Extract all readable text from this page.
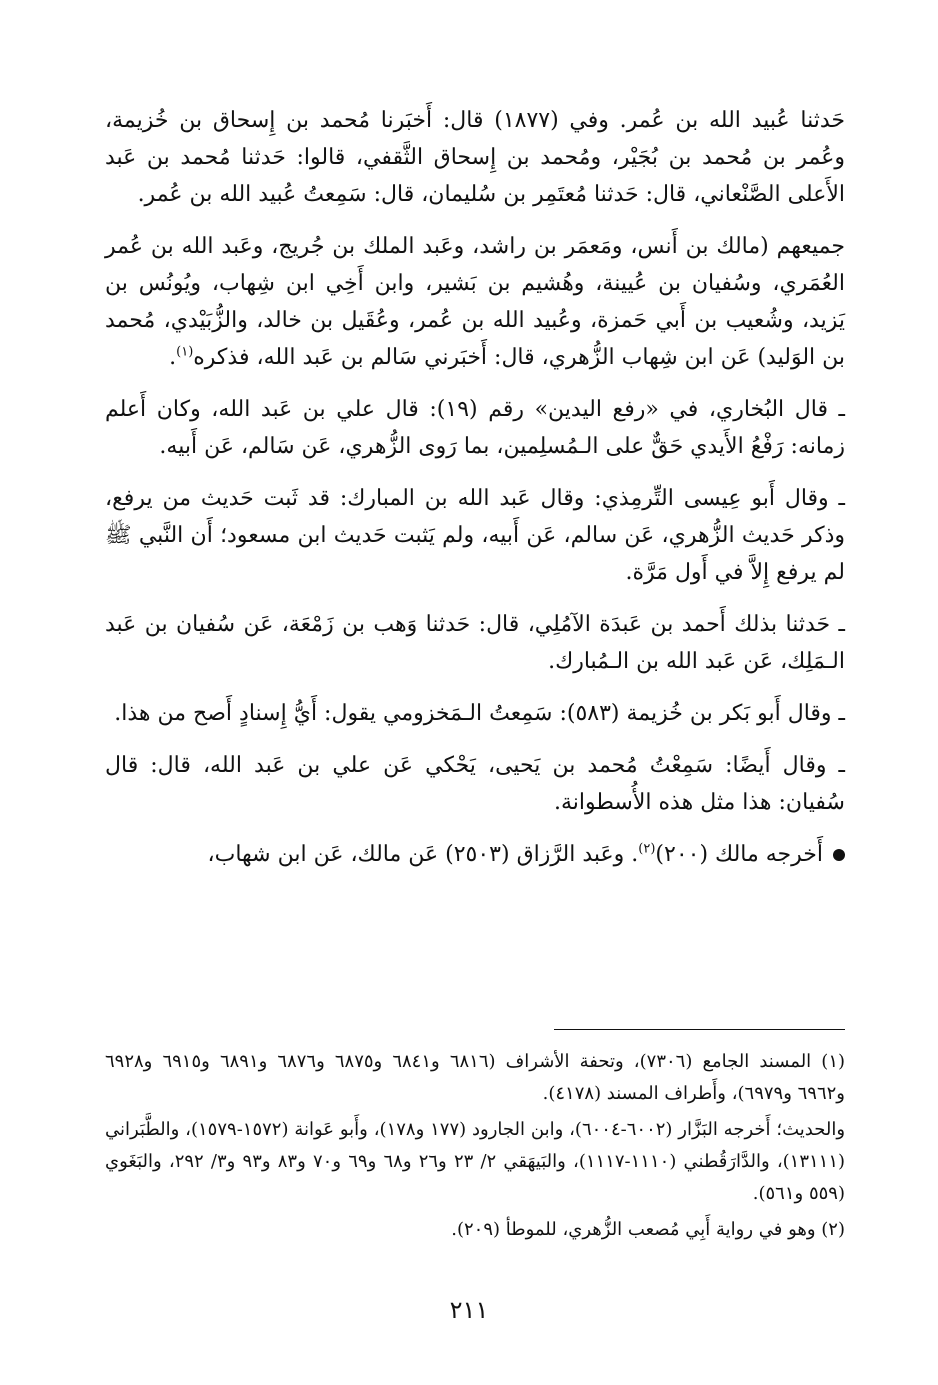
حَدثنا عُبيد الله بن عُمر. وفي (١٨٧٧) قال: أَخبَرنا مُحمد بن إِسحاق بن خُزيمة، وعُمر بن مُحمد بن بُجَيْر، ومُحمد بن إِسحاق الثَّقفي، قالوا: حَدثنا مُحمد بن عَبد الأَعلى الصَّنْعاني، قال: حَدثنا مُعتَمِر بن سُليمان، قال: سَمِعتُ عُبيد الله بن عُمر.

جميعهم (مالك بن أَنس، ومَعمَر بن راشد، وعَبد الملك بن جُريج، وعَبد الله بن عُمر العُمَري، وسُفيان بن عُيينة، وهُشيم بن بَشير، وابن أَخِي ابن شِهاب، ويُونُس بن يَزيد، وشُعيب بن أَبي حَمزة، وعُبيد الله بن عُمر، وعُقَيل بن خالد، والزُّبَيْدي، مُحمد بن الوَليد) عَن ابن شِهاب الزُّهري، قال: أَخبَرني سَالم بن عَبد الله، فذكره$^{(١)}$.

ـ قال البُخاري، في «رفع اليدين» رقم (١٩): قال علي بن عَبد الله، وكان أَعلم زمانه: رَفْعُ الأَيدي حَقٌّ على الـمُسلِمين، بما رَوى الزُّهري، عَن سَالم، عَن أَبيه.

ـ وقال أَبو عِيسى التِّرمِذي: وقال عَبد الله بن المبارك: قد ثَبت حَديث من يرفع، وذكر حَديث الزُّهري، عَن سالم، عَن أَبيه، ولم يَثبت حَديث ابن مسعود؛ أَن النَّبي ﷺ لم يرفع إِلاَّ في أَول مَرَّة.

ـ حَدثنا بذلك أَحمد بن عَبدَة الآمُلِي، قال: حَدثنا وَهب بن زَمْعَة، عَن سُفيان بن عَبد الـمَلِك، عَن عَبد الله بن الـمُبارك.

ـ وقال أَبو بَكر بن خُزيمة (٥٨٣): سَمِعتُ الـمَخزومي يقول: أَيُّ إِسنادٍ أَصح من هذا.

ـ وقال أَيضًا: سَمِعْتُ مُحمد بن يَحيى، يَحْكي عَن علي بن عَبد الله، قال: قال سُفيان: هذا مثل هذه الأُسطوانة.

أَخرجه مالك (٢٠٠)$^{(٢)}$. وعَبد الرَّزاق (٢٥٠٣) عَن مالك، عَن ابن شهاب،

(١) المسند الجامع (٧٣٠٦)، وتحفة الأشراف (٦٨١٦ و٦٨٤١ و٦٨٧٥ و٦٨٧٦ و٦٨٩١ و٦٩١٥ و٦٩٢٨ و٦٩٦٢ و٦٩٧٩)، وأَطراف المسند (٤١٧٨).

والحديث؛ أَخرجه البَزَّار (٦٠٠٢-٦٠٠٤)، وابن الجارود (١٧٧ و١٧٨)، وأَبو عَوانة (١٥٧٢-١٥٧٩)، والطَّبَراني (١٣١١١)، والدَّارَقُطني (١١١٠-١١١٧)، والبَيهَقي ٢/ ٢٣ و٢٦ و٦٨ و٦٩ و٧٠ و٨٣ و٩٣ و٣/ ٢٩٢، والبَغَوي (٥٥٩ و٥٦١).

(٢) وهو في رواية أَبِي مُصعب الزُّهري، للموطأ (٢٠٩).

٢١١
